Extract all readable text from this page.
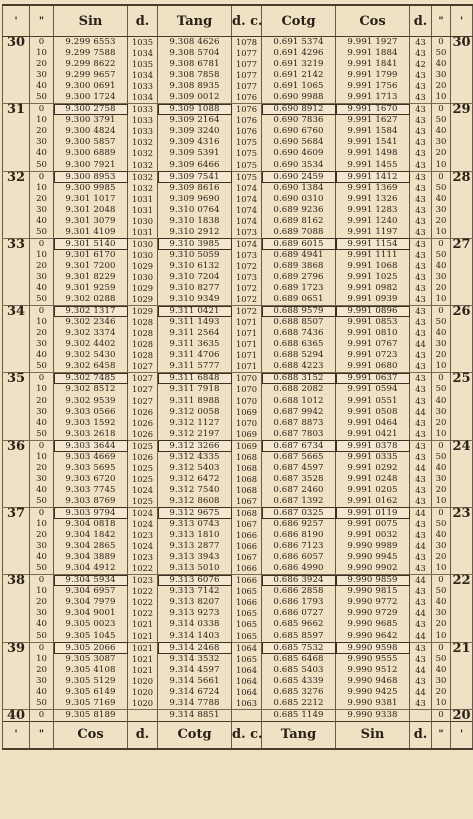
'	"	Sin	d.	Tang	d. c.	Cotg	Cos	d.	"	'
30	0	9.299 6553	1035	9.308 4626	1078	0.691 5374	9.991 1927	43	0	30
	10	9.299 7588	1034	9.308 5704	1077	0.691 4296	9.991 1884	43	50	
	20	9.299 8622	1035	9.308 6781	1077	0.691 3219	9.991 1841	42	40	
	30	9.299 9657	1034	9.308 7858	1077	0.691 2142	9.991 1799	43	30	
	40	9.300 0691	1033	9.308 8935	1077	0.691 1065	9.991 1756	43	20	
	50	9.300 1724	1034	9.309 0012	1076	0.690 9988	9.991 1713	43	10	
31	0	9.300 2758	1033	9.309 1088	1076	0.690 8912	9.991 1670	43	0	29
	10	9.300 3791	1033	9.309 2164	1076	0.690 7836	9.991 1627	43	50	
	20	9.300 4824	1033	9.309 3240	1076	0.690 6760	9.991 1584	43	40	
	30	9.300 5857	1032	9.309 4316	1075	0.690 5684	9.991 1541	43	30	
	40	9.300 6889	1032	9.309 5391	1075	0.690 4609	9.991 1498	43	20	
	50	9.300 7921	1032	9.309 6466	1075	0.690 3534	9.991 1455	43	10	
32	0	9.300 8953	1032	9.309 7541	1075	0.690 2459	9.991 1412	43	0	28
	10	9.300 9985	1032	9.309 8616	1074	0.690 1384	9.991 1369	43	50	
	20	9.301 1017	1031	9.309 9690	1074	0.690 0310	9.991 1326	43	40	
	30	9.301 2048	1031	9.310 0764	1074	0.689 9236	9.991 1283	43	30	
	40	9.301 3079	1030	9.310 1838	1074	0.689 8162	9.991 1240	43	20	
	50	9.301 4109	1031	9.310 2912	1073	0.689 7088	9.991 1197	43	10	
33	0	9.301 5140	1030	9.310 3985	1074	0.689 6015	9.991 1154	43	0	27
	10	9.301 6170	1030	9.310 5059	1073	0.689 4941	9.991 1111	43	50	
	20	9.301 7200	1029	9.310 6132	1072	0.689 3868	9.991 1068	43	40	
	30	9.301 8229	1030	9.310 7204	1073	0.689 2796	9.991 1025	43	30	
	40	9.301 9259	1029	9.310 8277	1072	0.689 1723	9.991 0982	43	20	
	50	9.302 0288	1029	9.310 9349	1072	0.689 0651	9.991 0939	43	10	
34	0	9.302 1317	1029	9.311 0421	1072	0.688 9579	9.991 0896	43	0	26
	10	9.302 2346	1028	9.311 1493	1071	0.688 8507	9.991 0853	43	50	
	20	9.302 3374	1028	9.311 2564	1071	0.688 7436	9.991 0810	43	40	
	30	9.302 4402	1028	9.311 3635	1071	0.688 6365	9.991 0767	44	30	
	40	9.302 5430	1028	9.311 4706	1071	0.688 5294	9.991 0723	43	20	
	50	9.302 6458	1027	9.311 5777	1071	0.688 4223	9.991 0680	43	10	
35	0	9.302 7485	1027	9.311 6848	1070	0.688 3152	9.991 0637	43	0	25
	10	9.302 8512	1027	9.311 7918	1070	0.688 2082	9.991 0594	43	50	
	20	9.302 9539	1027	9.311 8988	1070	0.688 1012	9.991 0551	43	40	
	30	9.303 0566	1026	9.312 0058	1069	0.687 9942	9.991 0508	44	30	
	40	9.303 1592	1026	9.312 1127	1070	0.687 8873	9.991 0464	43	20	
	50	9.303 2618	1026	9.312 2197	1069	0.687 7803	9.991 0421	43	10	
36	0	9.303 3644	1025	9.312 3266	1069	0.687 6734	9.991 0378	43	0	24
	10	9.303 4669	1026	9.312 4335	1068	0.687 5665	9.991 0335	43	50	
	20	9.303 5695	1025	9.312 5403	1068	0.687 4597	9.991 0292	44	40	
	30	9.303 6720	1025	9.312 6472	1068	0.687 3528	9.991 0248	43	30	
	40	9.303 7745	1024	9.312 7540	1068	0.687 2460	9.991 0205	43	20	
	50	9.303 8769	1025	9.312 8608	1067	0.687 1392	9.991 0162	43	10	
37	0	9.303 9794	1024	9.312 9675	1068	0.687 0325	9.991 0119	44	0	23
	10	9.304 0818	1024	9.313 0743	1067	0.686 9257	9.991 0075	43	50	
	20	9.304 1842	1023	9.313 1810	1066	0.686 8190	9.991 0032	43	40	
	30	9.304 2865	1024	9.313 2877	1066	0.686 7123	9.990 9989	44	30	
	40	9.304 3889	1023	9.313 3943	1067	0.686 6057	9.990 9945	43	20	
	50	9.304 4912	1022	9.313 5010	1066	0.686 4990	9.990 9902	43	10	
38	0	9.304 5934	1023	9.313 6076	1066	0.686 3924	9.990 9859	44	0	22
	10	9.304 6957	1022	9.313 7142	1065	0.686 2858	9.990 9815	43	50	
	20	9.304 7979	1022	9.313 8207	1066	0.686 1793	9.990 9772	43	40	
	30	9.304 9001	1022	9.313 9273	1065	0.686 0727	9.990 9729	44	30	
	40	9.305 0023	1021	9.314 0338	1065	0.685 9662	9.990 9685	43	20	
	50	9.305 1045	1021	9.314 1403	1065	0.685 8597	9.990 9642	44	10	
39	0	9.305 2066	1021	9.314 2468	1064	0.685 7532	9.990 9598	43	0	21
	10	9.305 3087	1021	9.314 3532	1065	0.685 6468	9.990 9555	43	50	
	20	9.305 4108	1021	9.314 4597	1064	0.685 5403	9.990 9512	44	40	
	30	9.305 5129	1020	9.314 5661	1064	0.685 4339	9.990 9468	43	30	
	40	9.305 6149	1020	9.314 6724	1064	0.685 3276	9.990 9425	44	20	
	50	9.305 7169	1020	9.314 7788	1063	0.685 2212	9.990 9381	43	10	
40	0	9.305 8189		9.314 8851		0.685 1149	9.990 9338		0	20
'	"	Cos	d.	Cotg	d. c.	Tang	Sin	d.	"	'
